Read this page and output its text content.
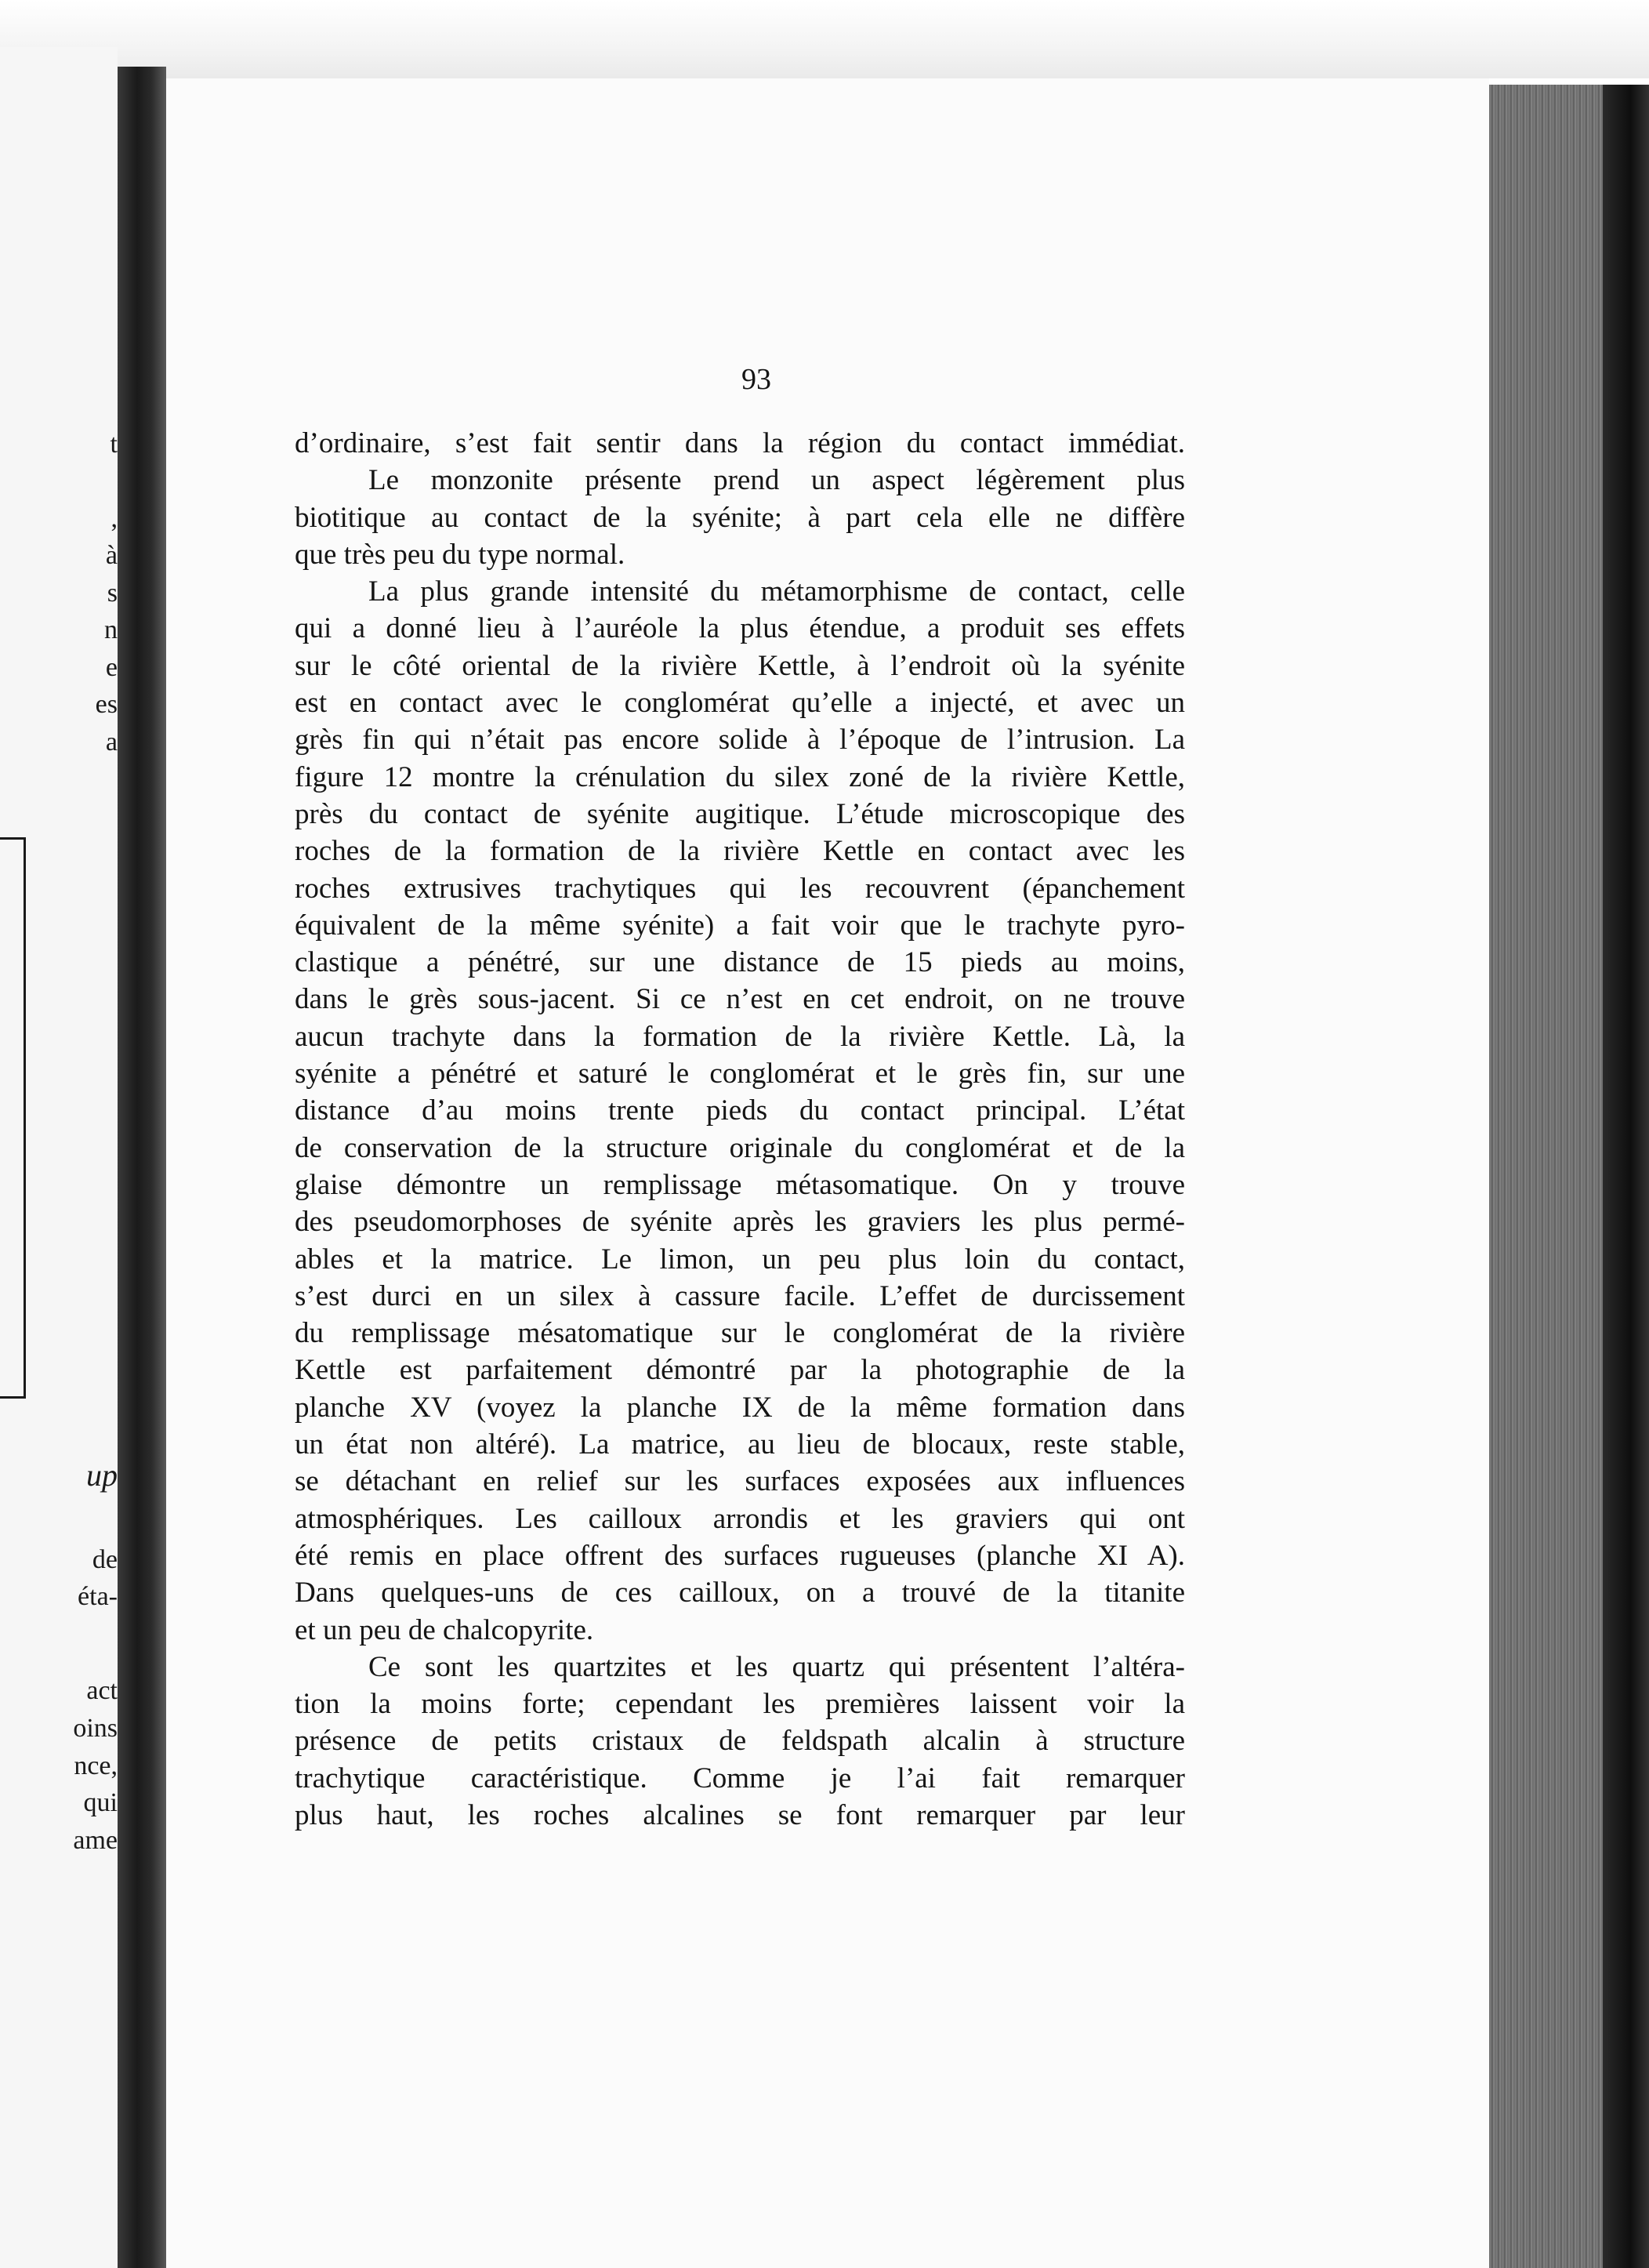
t
,
à
s
n
e
es
a
up
de
éta-
act
oins
nce,
qui
ame
93
d’ordinaire, s’est fait sentir dans la région du contact immédiat.
Le monzonite présente prend un aspect légèrement plus
biotitique au contact de la syénite; à part cela elle ne diffère
que très peu du type normal.
La plus grande intensité du métamorphisme de contact, celle
qui a donné lieu à l’auréole la plus étendue, a produit ses effets
sur le côté oriental de la rivière Kettle, à l’endroit où la syénite
est en contact avec le conglomérat qu’elle a injecté, et avec un
grès fin qui n’était pas encore solide à l’époque de l’intrusion. La
figure 12 montre la crénulation du silex zoné de la rivière Kettle,
près du contact de syénite augitique. L’étude microscopique des
roches de la formation de la rivière Kettle en contact avec les
roches extrusives trachytiques qui les recouvrent (épanchement
équivalent de la même syénite) a fait voir que le trachyte pyro-
clastique a pénétré, sur une distance de 15 pieds au moins,
dans le grès sous-jacent. Si ce n’est en cet endroit, on ne trouve
aucun trachyte dans la formation de la rivière Kettle. Là, la
syénite a pénétré et saturé le conglomérat et le grès fin, sur une
distance d’au moins trente pieds du contact principal. L’état
de conservation de la structure originale du conglomérat et de la
glaise démontre un remplissage métasomatique. On y trouve
des pseudomorphoses de syénite après les graviers les plus permé-
ables et la matrice. Le limon, un peu plus loin du contact,
s’est durci en un silex à cassure facile. L’effet de durcissement
du remplissage mésatomatique sur le conglomérat de la rivière
Kettle est parfaitement démontré par la photographie de la
planche XV (voyez la planche IX de la même formation dans
un état non altéré). La matrice, au lieu de blocaux, reste stable,
se détachant en relief sur les surfaces exposées aux influences
atmosphériques. Les cailloux arrondis et les graviers qui ont
été remis en place offrent des surfaces rugueuses (planche XI A).
Dans quelques-uns de ces cailloux, on a trouvé de la titanite
et un peu de chalcopyrite.
Ce sont les quartzites et les quartz qui présentent l’altéra-
tion la moins forte; cependant les premières laissent voir la
présence de petits cristaux de feldspath alcalin à structure
trachytique caractéristique. Comme je l’ai fait remarquer
plus haut, les roches alcalines se font remarquer par leur
